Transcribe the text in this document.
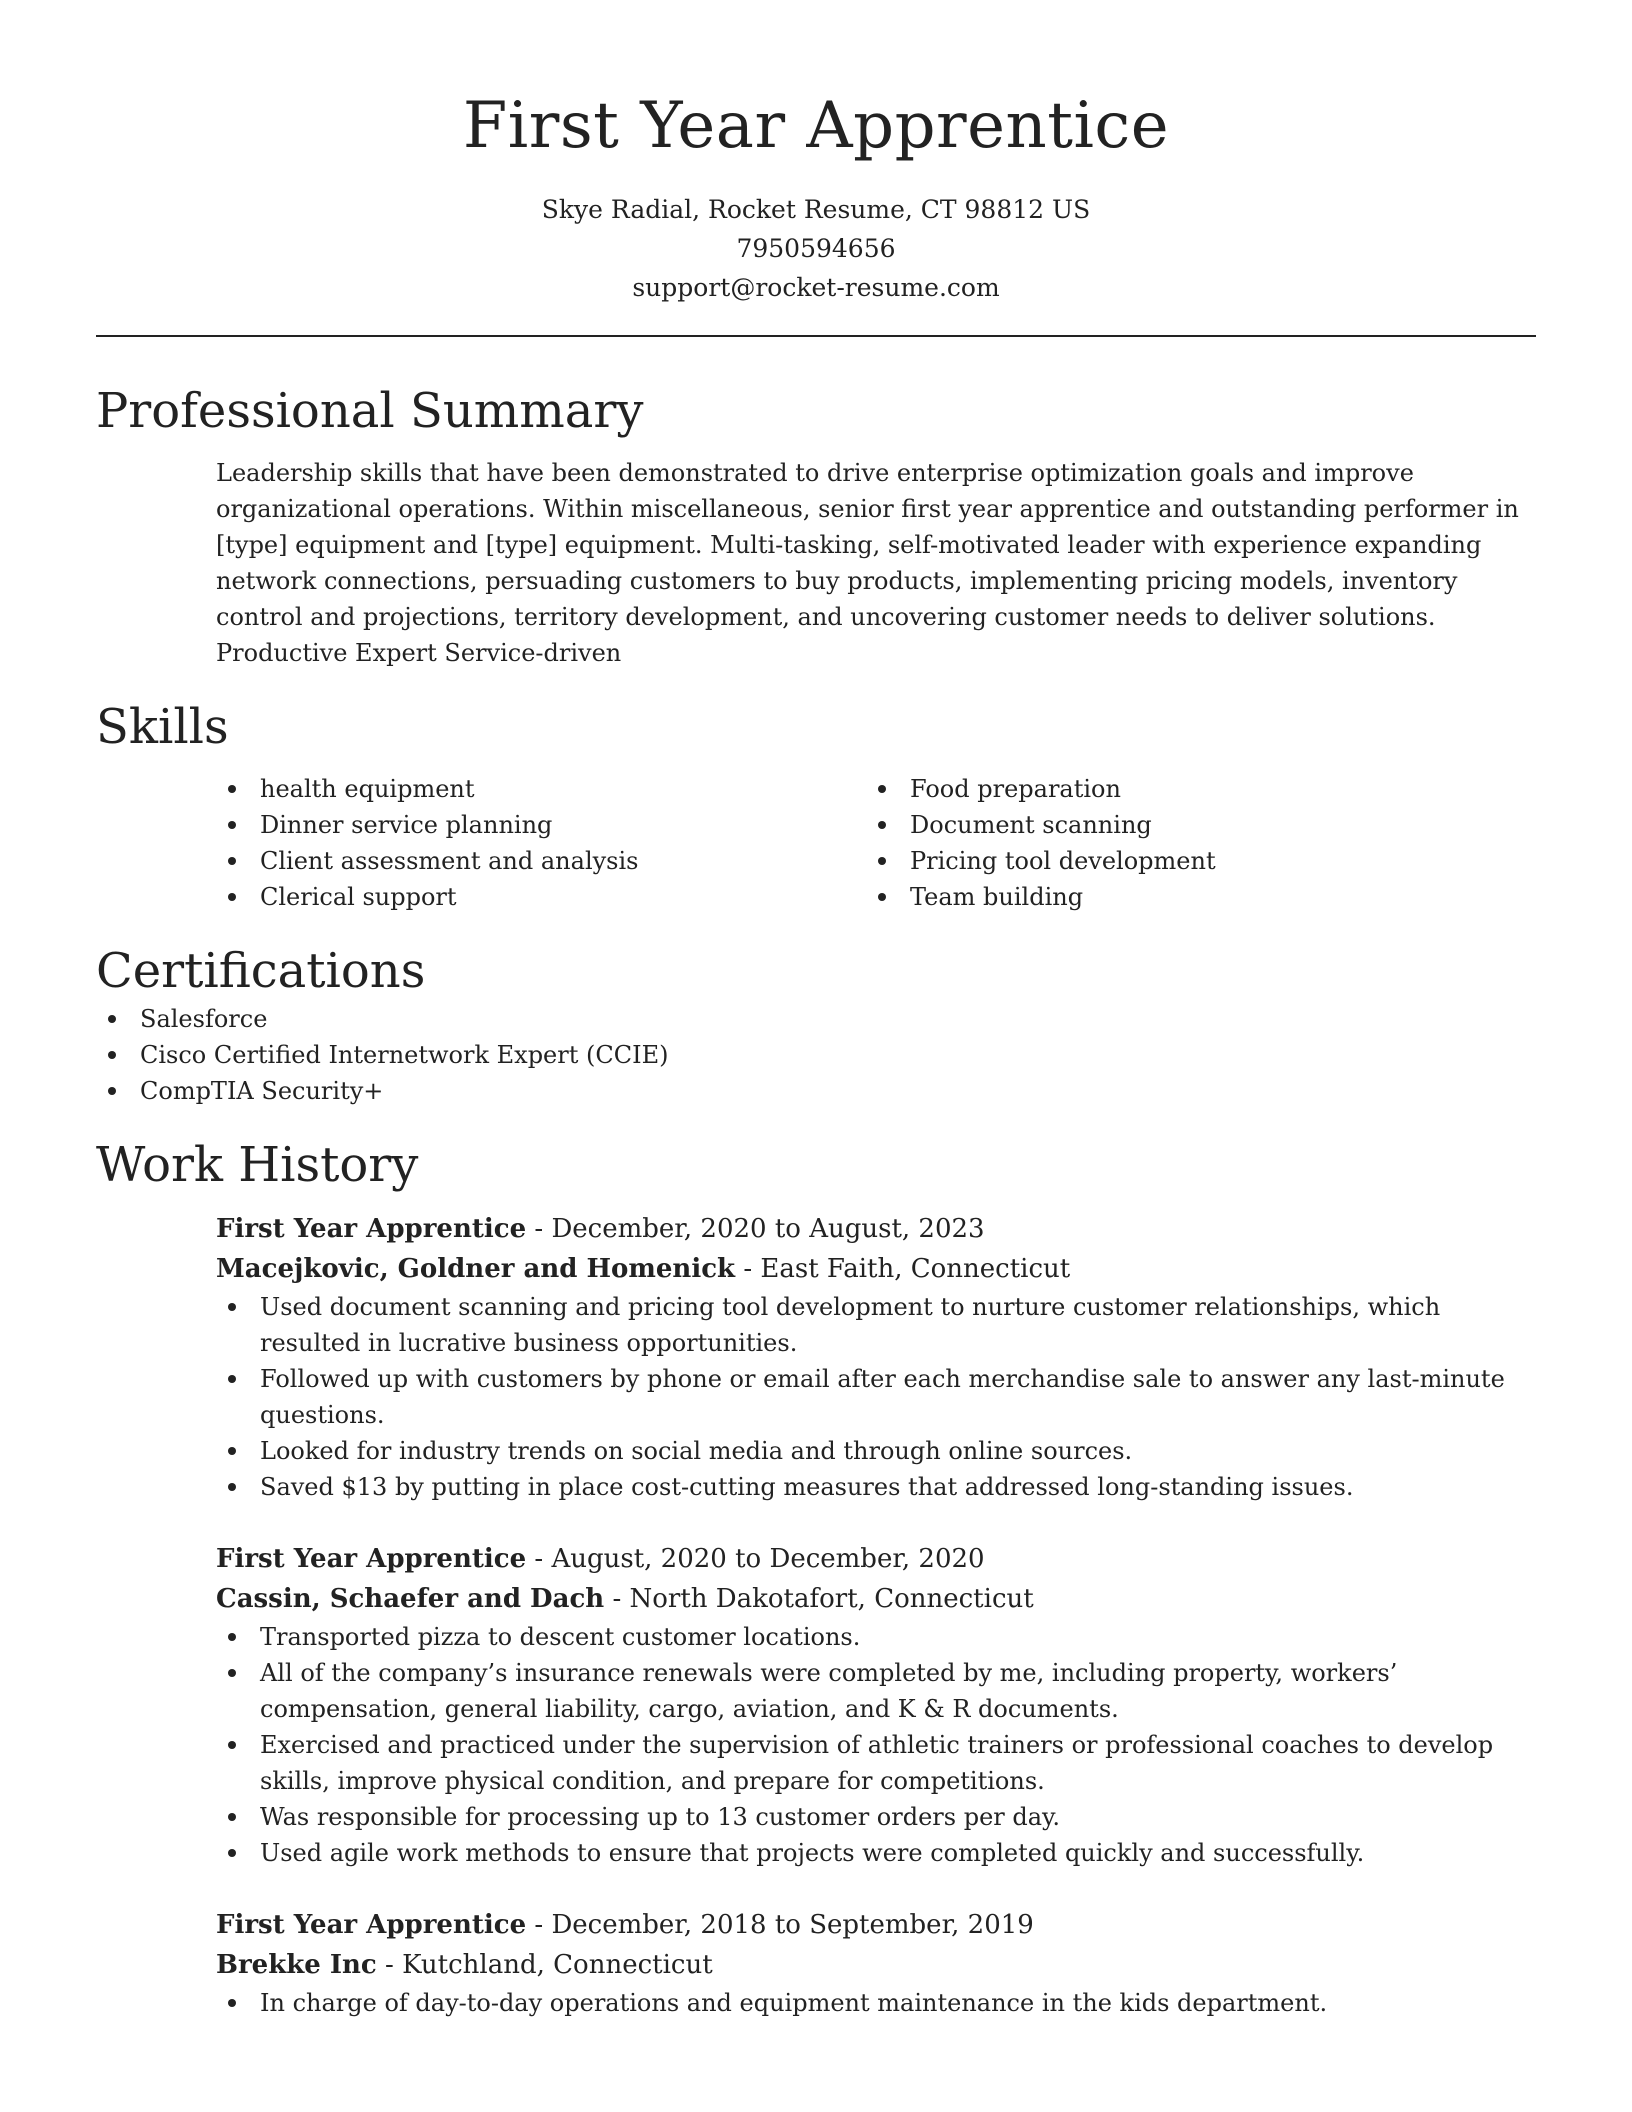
First Year Apprentice
Skye Radial, Rocket Resume, CT 98812 US
7950594656
support@rocket-resume.com
Professional Summary

Leadership skills that have been demonstrated to drive enterprise optimization goals and improve organizational operations. Within miscellaneous, senior first year apprentice and outstanding performer in [type] equipment and [type] equipment. Multi-tasking, self-motivated leader with experience expanding network connections, persuading customers to buy products, implementing pricing models, inventory control and projections, territory development, and uncovering customer needs to deliver solutions. Productive Expert Service-driven

Skills
health equipment
Dinner service planning
Client assessment and analysis
Clerical support
Food preparation
Document scanning
Pricing tool development
Team building
Certifications
Salesforce
Cisco Certified Internetwork Expert (CCIE)
CompTIA Security+
Work History
First Year Apprentice - December, 2020 to August, 2023
Macejkovic, Goldner and Homenick - East Faith, Connecticut
Used document scanning and pricing tool development to nurture customer relationships, which resulted in lucrative business opportunities.
Followed up with customers by phone or email after each merchandise sale to answer any last-minute questions.
Looked for industry trends on social media and through online sources.
Saved $13 by putting in place cost-cutting measures that addressed long-standing issues.
First Year Apprentice - August, 2020 to December, 2020
Cassin, Schaefer and Dach - North Dakotafort, Connecticut
Transported pizza to descent customer locations.
All of the company’s insurance renewals were completed by me, including property, workers’ compensation, general liability, cargo, aviation, and K & R documents.
Exercised and practiced under the supervision of athletic trainers or professional coaches to develop skills, improve physical condition, and prepare for competitions.
Was responsible for processing up to 13 customer orders per day.
Used agile work methods to ensure that projects were completed quickly and successfully.
First Year Apprentice - December, 2018 to September, 2019
Brekke Inc - Kutchland, Connecticut
In charge of day-to-day operations and equipment maintenance in the kids department.
